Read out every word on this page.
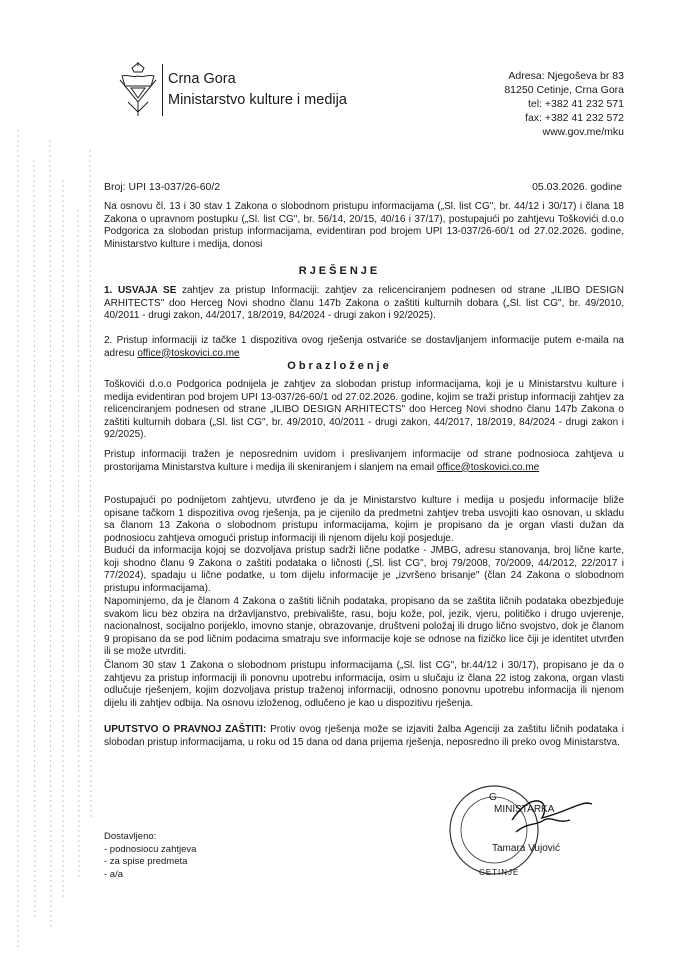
Crna Gora
Ministarstvo kulture i medija
Adresa: Njegoševa br 83
81250 Cetinje, Crna Gora
tel: +382 41 232 571
fax: +382 41 232 572
www.gov.me/mku
Broj: UPI 13-037/26-60/2	05.03.2026. godine
Na osnovu čl. 13 i 30 stav 1 Zakona o slobodnom pristupu informacijama („Sl. list CG", br. 44/12 i 30/17) i člana 18 Zakona o upravnom postupku („Sl. list CG", br. 56/14, 20/15, 40/16 i 37/17), postupajući po zahtjevu Toškovići d.o.o Podgorica za slobodan pristup informacijama, evidentiran pod brojem UPI 13-037/26-60/1 od 27.02.2026. godine, Ministarstvo kulture i medija, donosi
RJEŠENJE
1. USVAJA SE zahtjev za pristup Informaciji: zahtjev za relicenciranjem podnesen od strane „ILIBO DESIGN ARHITECTS" doo Herceg Novi shodno članu 147b Zakona o zaštiti kulturnih dobara („Sl. list CG", br. 49/2010, 40/2011 - drugi zakon, 44/2017, 18/2019, 84/2024 - drugi zakon i 92/2025).
2. Pristup informaciji iz tačke 1 dispozitiva ovog rješenja ostvariće se dostavljanjem informacije putem e-maila na adresu office@toskovici.co.me
Obrazloženje
Toškovići d.o.o Podgorica podnijela je zahtjev za slobodan pristup informacijama, koji je u Ministarstvu kulture i medija evidentiran pod brojem UPI 13-037/26-60/1 od 27.02.2026. godine, kojim se traži pristup informaciji zahtjev za relicenciranjem podnesen od strane „ILIBO DESIGN ARHITECTS" doo Herceg Novi shodno članu 147b Zakona o zaštiti kulturnih dobara („Sl. list CG", br. 49/2010, 40/2011 - drugi zakon, 44/2017, 18/2019, 84/2024 - drugi zakon i 92/2025).
Pristup informaciji tražen je neposrednim uvidom i preslivanjem informacije od strane podnosioca zahtjeva u prostorijama Ministarstva kulture i medija ili skeniranjem i slanjem na email office@toskovici.co.me
Postupajući po podnijetom zahtjevu, utvrđeno je da je Ministarstvo kulture i medija u posjedu informacije bliže opisane tačkom 1 dispozitiva ovog rješenja, pa je cijenilo da predmetni zahtjev treba usvojiti kao osnovan, u skladu sa članom 13 Zakona o slobodnom pristupu informacijama, kojim je propisano da je organ vlasti dužan da podnosiocu zahtjeva omogući pristup informaciji ili njenom dijelu koji posjeduje.
Budući da informacija kojoj se dozvoljava pristup sadrži lične podatke - JMBG, adresu stanovanja, broj lične karte, koji shodno članu 9 Zakona o zaštiti podataka o ličnosti („Sl. list CG", broj 79/2008, 70/2009, 44/2012, 22/2017 i 77/2024), spadaju u lične podatke, u tom dijelu informacije je „izvršeno brisanje" (član 24 Zakona o slobodnom pristupu informacijama).
Napominjemo, da je članom 4 Zakona o zaštiti ličnih podataka, propisano da se zaštita ličnih podataka obezbjeđuje svakom licu bez obzira na državljanstvo, prebivalište, rasu, boju kože, pol, jezik, vjeru, političko i drugo uvjerenje, nacionalnost, socijalno porijeklo, imovno stanje, obrazovanje, društveni položaj ili drugo lično svojstvo, dok je članom 9 propisano da se pod ličnim podacima smatraju sve informacije koje se odnose na fizičko lice čiji je identitet utvrđen ili se može utvrditi.
Članom 30 stav 1 Zakona o slobodnom pristupu informacijama („Sl. list CG", br.44/12 i 30/17), propisano je da o zahtjevu za pristup informaciji ili ponovnu upotrebu informacija, osim u slučaju iz člana 22 istog zakona, organ vlasti odlučuje rješenjem, kojim dozvoljava pristup traženoj informaciji, odnosno ponovnu upotrebu informacija ili njenom dijelu ili zahtjev odbija. Na osnovu izloženog, odlučeno je kao u dispozitivu rješenja.
UPUTSTVO O PRAVNOJ ZAŠTITI: Protiv ovog rješenja može se izjaviti žalba Agenciji za zaštitu ličnih podataka i slobodan pristup informacijama, u roku od 15 dana od dana prijema rješenja, neposredno ili preko ovog Ministarstva.
G
MINISTARKA
Tamara Vujović
CETINJE
Dostavljeno:
- podnosiocu zahtjeva
- za spise predmeta
- a/a
